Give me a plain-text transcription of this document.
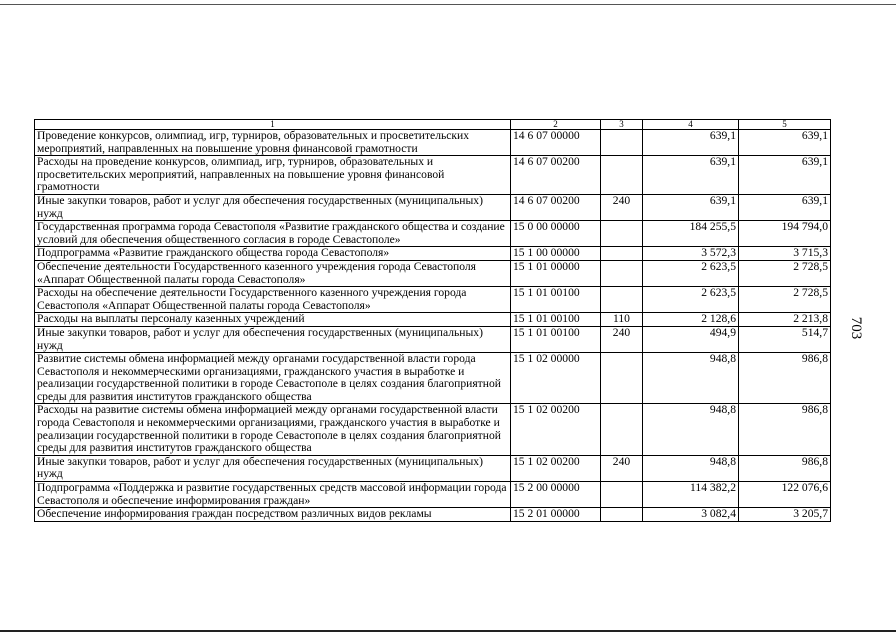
1	2	3	4	5
Проведение конкурсов, олимпиад, игр, турниров, образовательных и просветительских мероприятий, направленных на повышение уровня финансовой грамотности	14 6 07 00000		639,1	639,1
Расходы на проведение конкурсов, олимпиад, игр, турниров, образовательных и просветительских мероприятий, направленных на повышение уровня финансовой грамотности	14 6 07 00200		639,1	639,1
Иные закупки товаров, работ и услуг для обеспечения государственных (муниципальных) нужд	14 6 07 00200	240	639,1	639,1
Государственная программа города Севастополя «Развитие гражданского общества и создание условий для обеспечения общественного согласия в городе Севастополе»	15 0 00 00000		184 255,5	194 794,0
Подпрограмма «Развитие гражданского общества города Севастополя»	15 1 00 00000		3 572,3	3 715,3
Обеспечение деятельности Государственного казенного учреждения города Севастополя «Аппарат Общественной палаты города Севастополя»	15 1 01 00000		2 623,5	2 728,5
Расходы на обеспечение деятельности Государственного казенного учреждения города Севастополя «Аппарат Общественной палаты города Севастополя»	15 1 01 00100		2 623,5	2 728,5
Расходы на выплаты персоналу казенных учреждений	15 1 01 00100	110	2 128,6	2 213,8
Иные закупки товаров, работ и услуг для обеспечения государственных (муниципальных) нужд	15 1 01 00100	240	494,9	514,7
Развитие системы обмена информацией между органами государственной власти города Севастополя и некоммерческими организациями, гражданского участия в выработке и реализации государственной политики в городе Севастополе в целях создания благоприятной среды для развития институтов гражданского общества	15 1 02 00000		948,8	986,8
Расходы на развитие системы обмена информацией между органами государственной власти города Севастополя и некоммерческими организациями, гражданского участия в выработке и реализации государственной политики в городе Севастополе в целях создания благоприятной среды для развития институтов гражданского общества	15 1 02 00200		948,8	986,8
Иные закупки товаров, работ и услуг для обеспечения государственных (муниципальных) нужд	15 1 02 00200	240	948,8	986,8
Подпрограмма «Поддержка и развитие государственных средств массовой информации города Севастополя и обеспечение информирования граждан»	15 2 00 00000		114 382,2	122 076,6
Обеспечение информирования граждан посредством различных видов рекламы	15 2 01 00000		3 082,4	3 205,7
703
